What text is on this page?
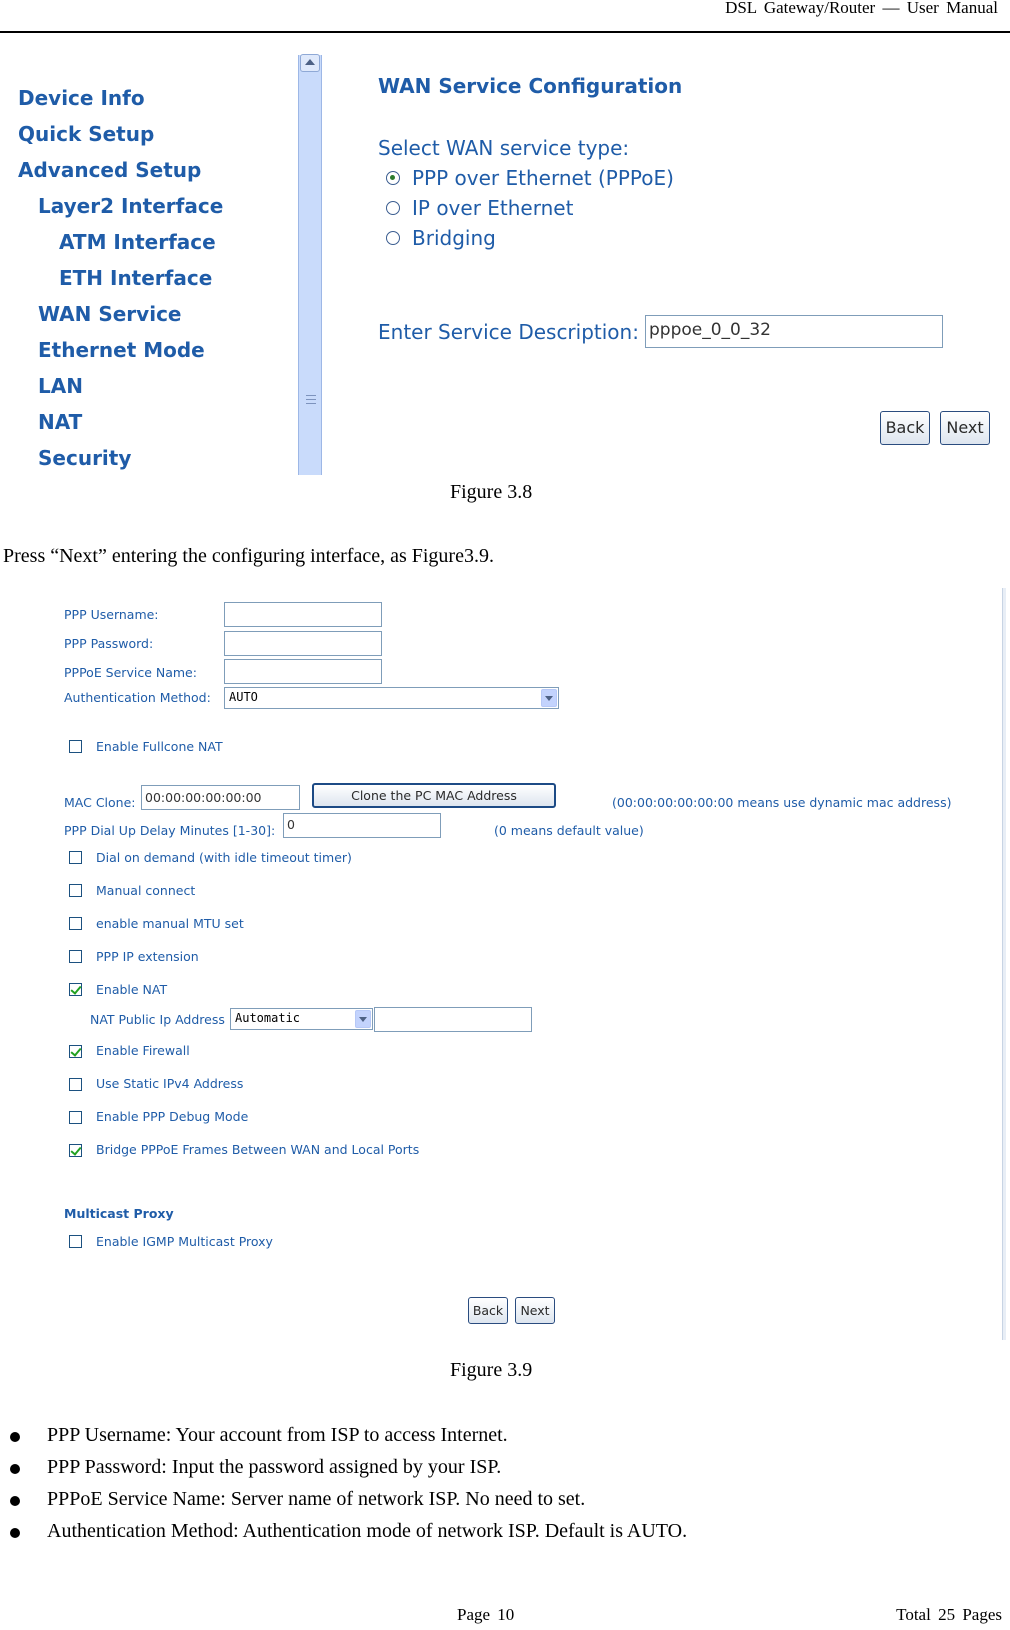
DSL Gateway/Router — User Manual
Device Info
Quick Setup
Advanced Setup
Layer2 Interface
ATM Interface
ETH Interface
WAN Service
Ethernet Mode
LAN
NAT
Security
WAN Service Configuration
Select WAN service type:
PPP over Ethernet (PPPoE)
IP over Ethernet
Bridging
Enter Service Description: pppoe_0_0_32
Back	Next
Figure 3.8
Press “Next” entering the configuring interface, as Figure3.9.
PPP Username:
PPP Password:
PPPoE Service Name:
Authentication Method:	AUTO
Enable Fullcone NAT
MAC Clone: 00:00:00:00:00:00	Clone the PC MAC Address	(00:00:00:00:00:00 means use dynamic mac address)
PPP Dial Up Delay Minutes [1-30]: 0	(0 means default value)
Dial on demand (with idle timeout timer)
Manual connect
enable manual MTU set
PPP IP extension
Enable NAT
NAT Public Ip Address Automatic
Enable Firewall
Use Static IPv4 Address
Enable PPP Debug Mode
Bridge PPPoE Frames Between WAN and Local Ports
Multicast Proxy
Enable IGMP Multicast Proxy
Back	Next
Figure 3.9
PPP Username: Your account from ISP to access Internet.
PPP Password: Input the password assigned by your ISP.
PPPoE Service Name: Server name of network ISP. No need to set.
Authentication Method: Authentication mode of network ISP. Default is AUTO.
Page 10	Total 25 Pages
